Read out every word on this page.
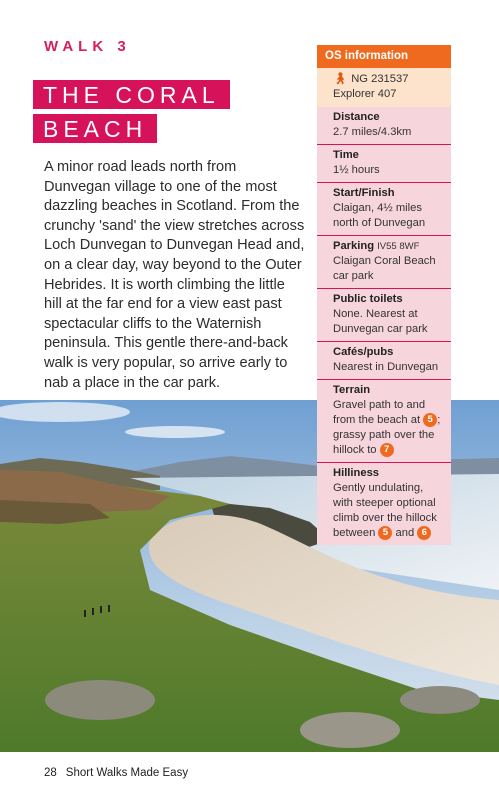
WALK 3
THE CORAL
BEACH

A minor road leads north from Dunvegan village to one of the most dazzling beaches in Scotland. From the crunchy 'sand' the view stretches across Loch Dunvegan to Dunvegan Head and, on a clear day, way beyond to the Outer Hebrides. It is worth climbing the little hill at the far end for a view east past spectacular cliffs to the Waternish peninsula. This gentle there-and-back walk is very popular, so arrive early to nab a place in the car park.

OS information
🚶︎ NG 231537
Explorer 407
Distance
2.7 miles/4.3km
Time
1½ hours
Start/Finish
Claigan, 4½ miles north of Dunvegan
Parking IV55 8WF
Claigan Coral Beach car park
Public toilets
None. Nearest at Dunvegan car park
Cafés/pubs
Nearest in Dunvegan
Terrain
Gravel path to and from the beach at 5 ; grassy path over the hillock to 7
Hilliness
Gently undulating, with steeper optional climb over the hillock between 5 and 6
28 Short Walks Made Easy
